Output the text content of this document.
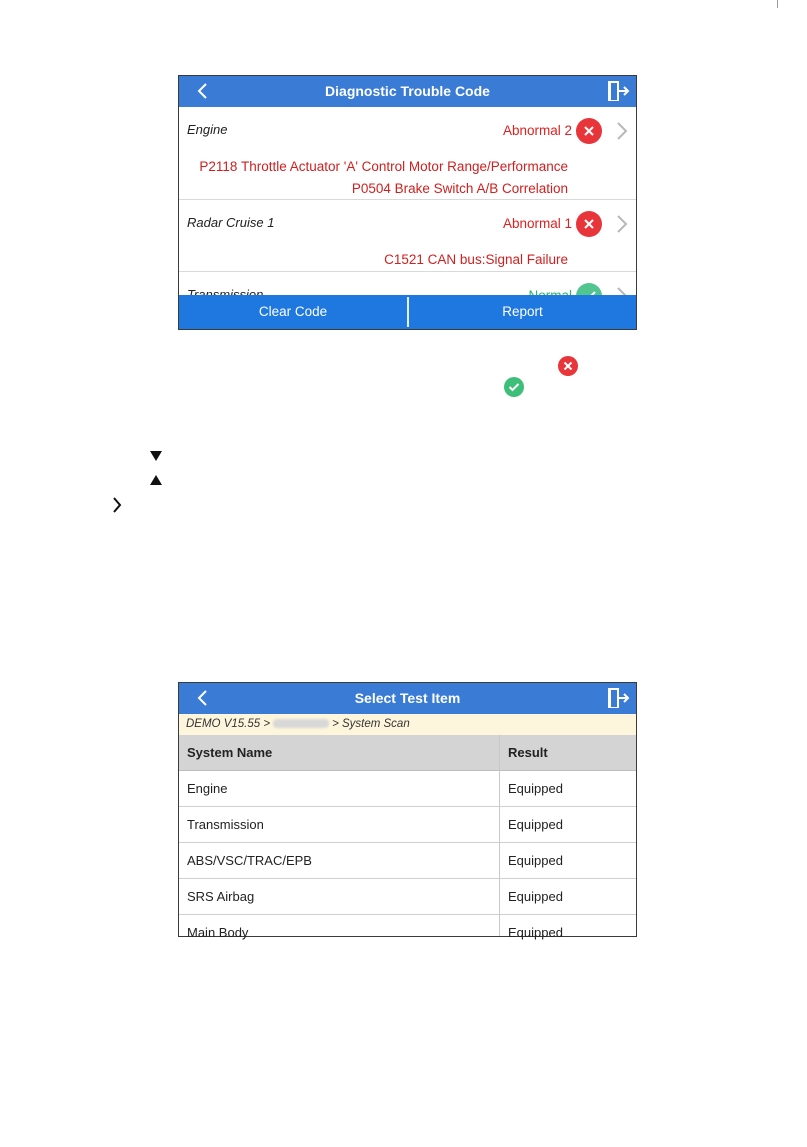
Diagnostic Trouble Code
Engine	Abnormal 2
P2118 Throttle Actuator 'A' Control Motor Range/Performance
P0504 Brake Switch A/B Correlation
Radar Cruise 1	Abnormal 1
C1521 CAN bus:Signal Failure
Clear Code	Report
Select Test Item
DEMO V15.55 >	> System Scan
System Name	Result
Engine	Equipped
Transmission	Equipped
ABS/VSC/TRAC/EPB	Equipped
SRS Airbag	Equipped
Main Body	Equipped
